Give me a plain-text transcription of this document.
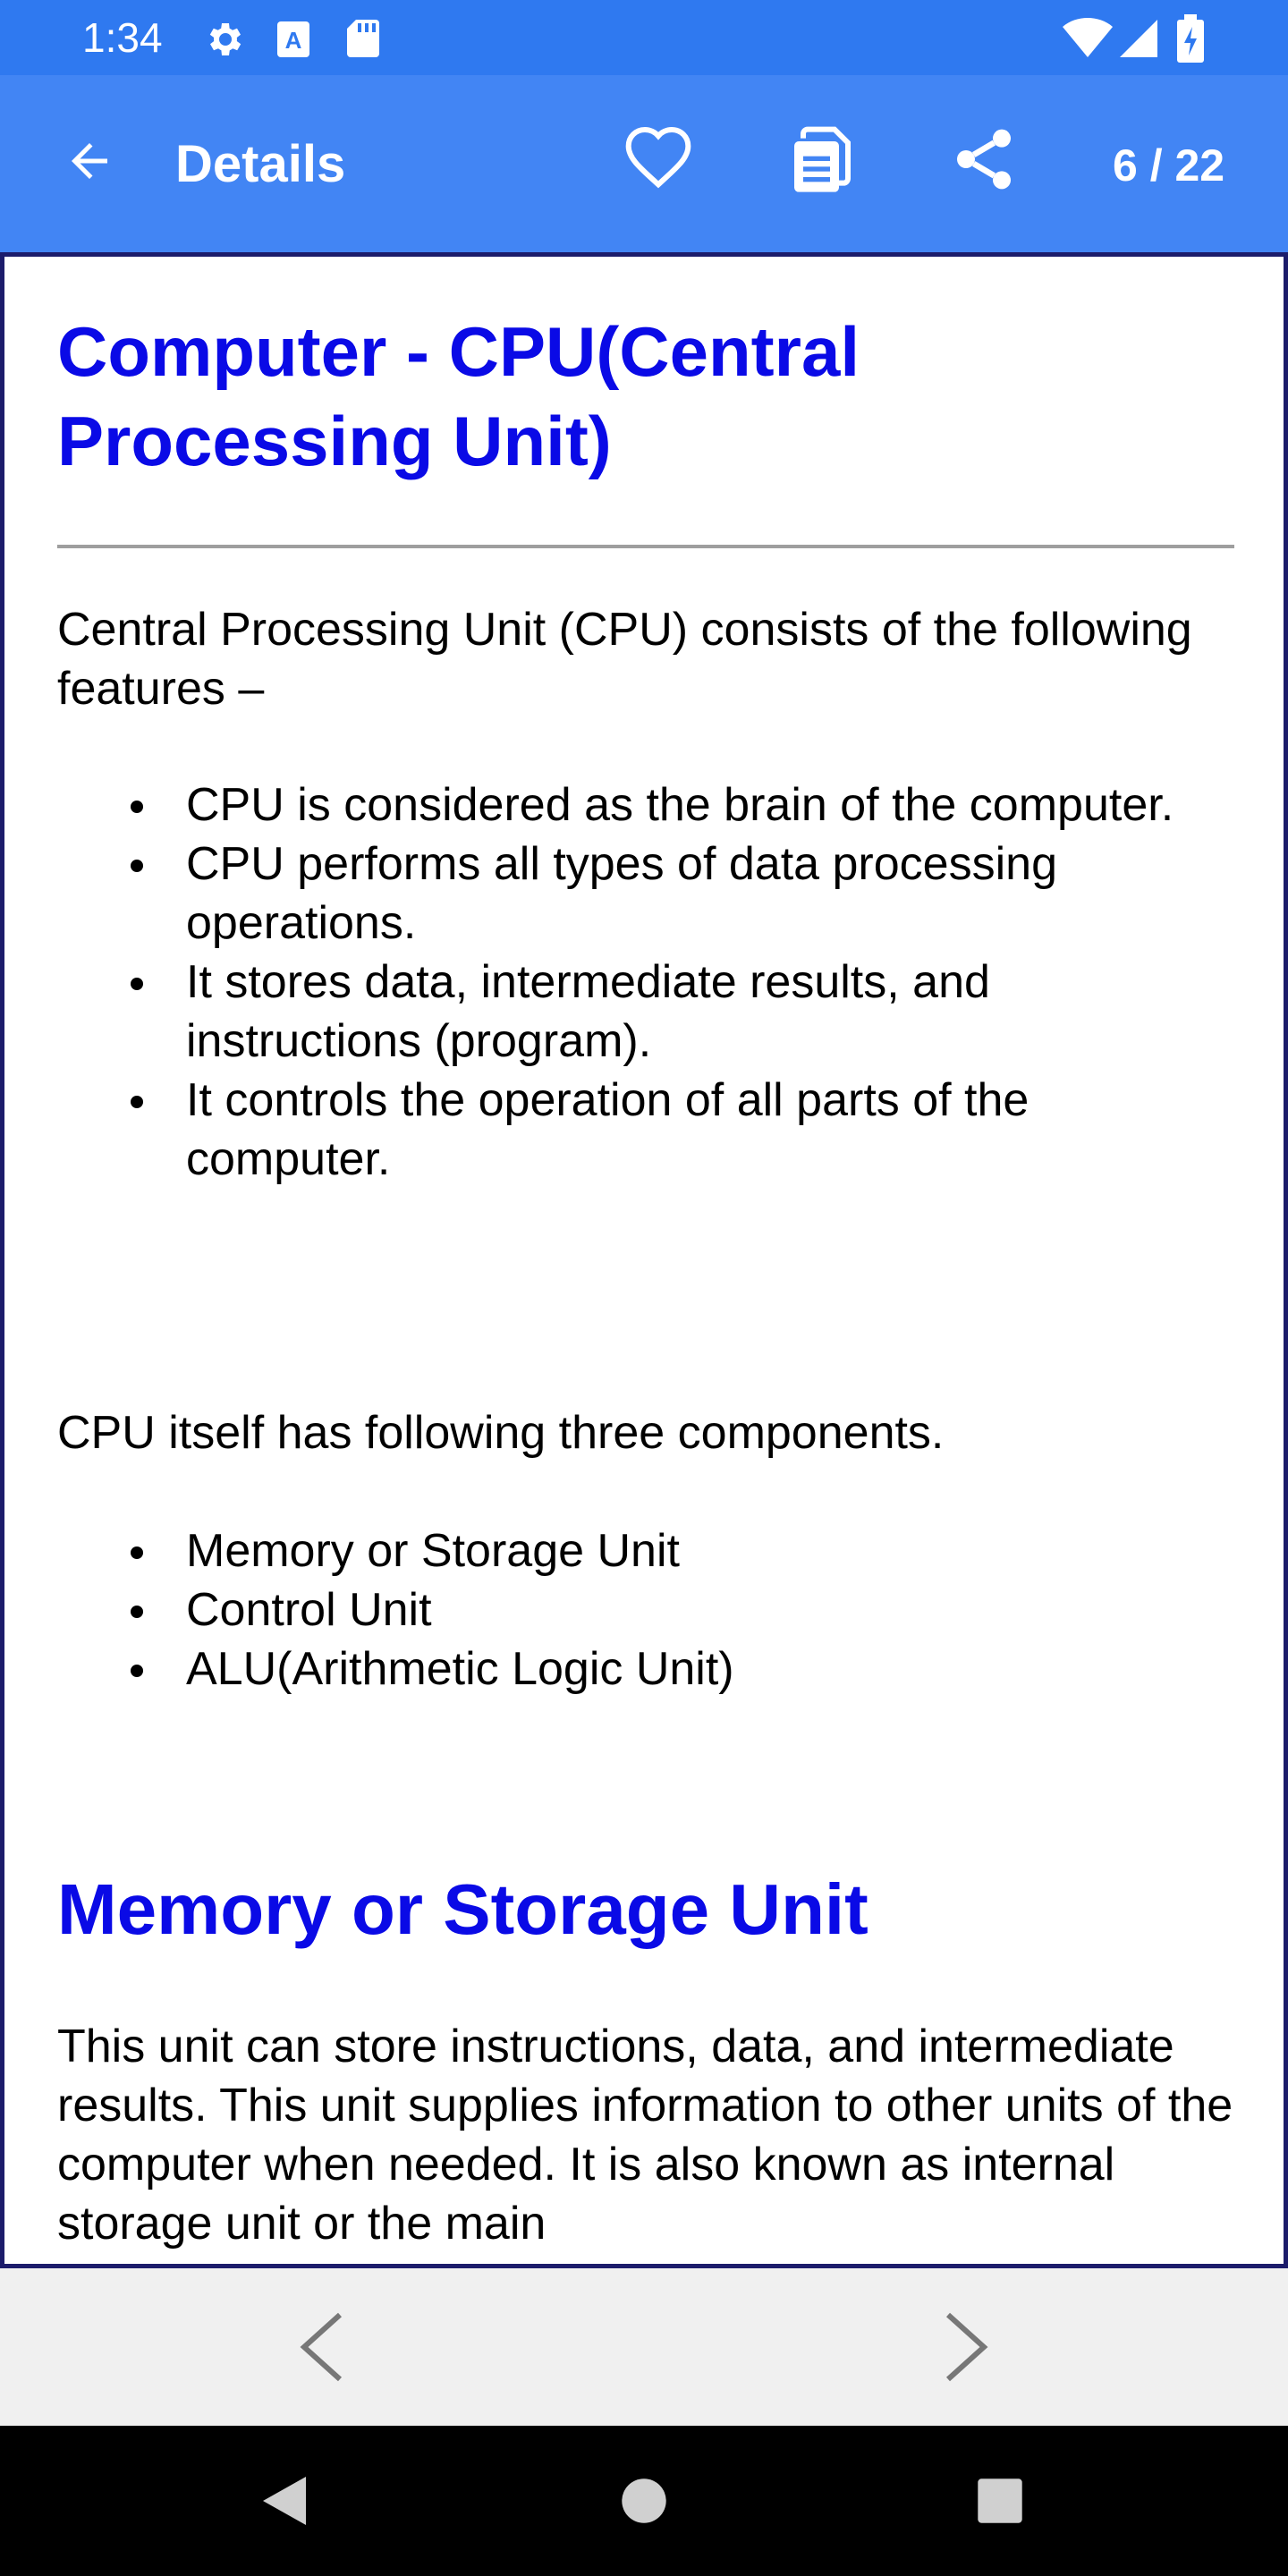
1:34	A
Details	6 / 22
Computer - CPU(Central Processing Unit)

Central Processing Unit (CPU) consists of the following features –

CPU is considered as the brain of the computer.
CPU performs all types of data processing operations.
It stores data, intermediate results, and instructions (program).
It controls the operation of all parts of the computer.

CPU itself has following three components.

Memory or Storage Unit
Control Unit
ALU(Arithmetic Logic Unit)
Memory or Storage Unit

This unit can store instructions, data, and intermediate results. This unit supplies information to other units of the computer when needed. It is also known as internal storage unit or the main
